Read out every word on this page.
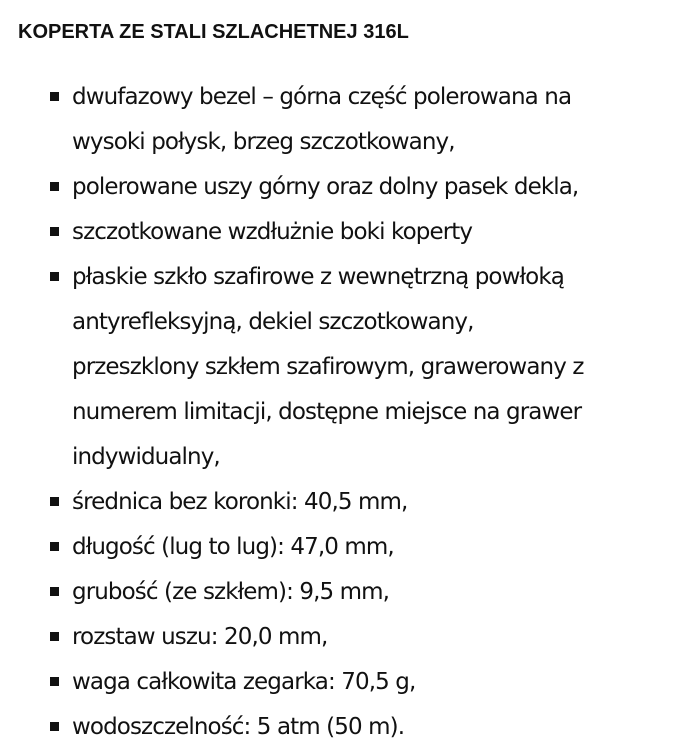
KOPERTA ZE STALI SZLACHETNEJ 316L
dwufazowy bezel – górna część polerowana na
wysoki połysk, brzeg szczotkowany,
polerowane uszy górny oraz dolny pasek dekla,
szczotkowane wzdłużnie boki koperty
płaskie szkło szafirowe z wewnętrzną powłoką
antyrefleksyjną, dekiel szczotkowany,
przeszklony szkłem szafirowym, grawerowany z
numerem limitacji, dostępne miejsce na grawer
indywidualny,
średnica bez koronki: 40,5 mm,
długość (lug to lug): 47,0 mm,
grubość (ze szkłem): 9,5 mm,
rozstaw uszu: 20,0 mm,
waga całkowita zegarka: 70,5 g,
wodoszczelność: 5 atm (50 m).
